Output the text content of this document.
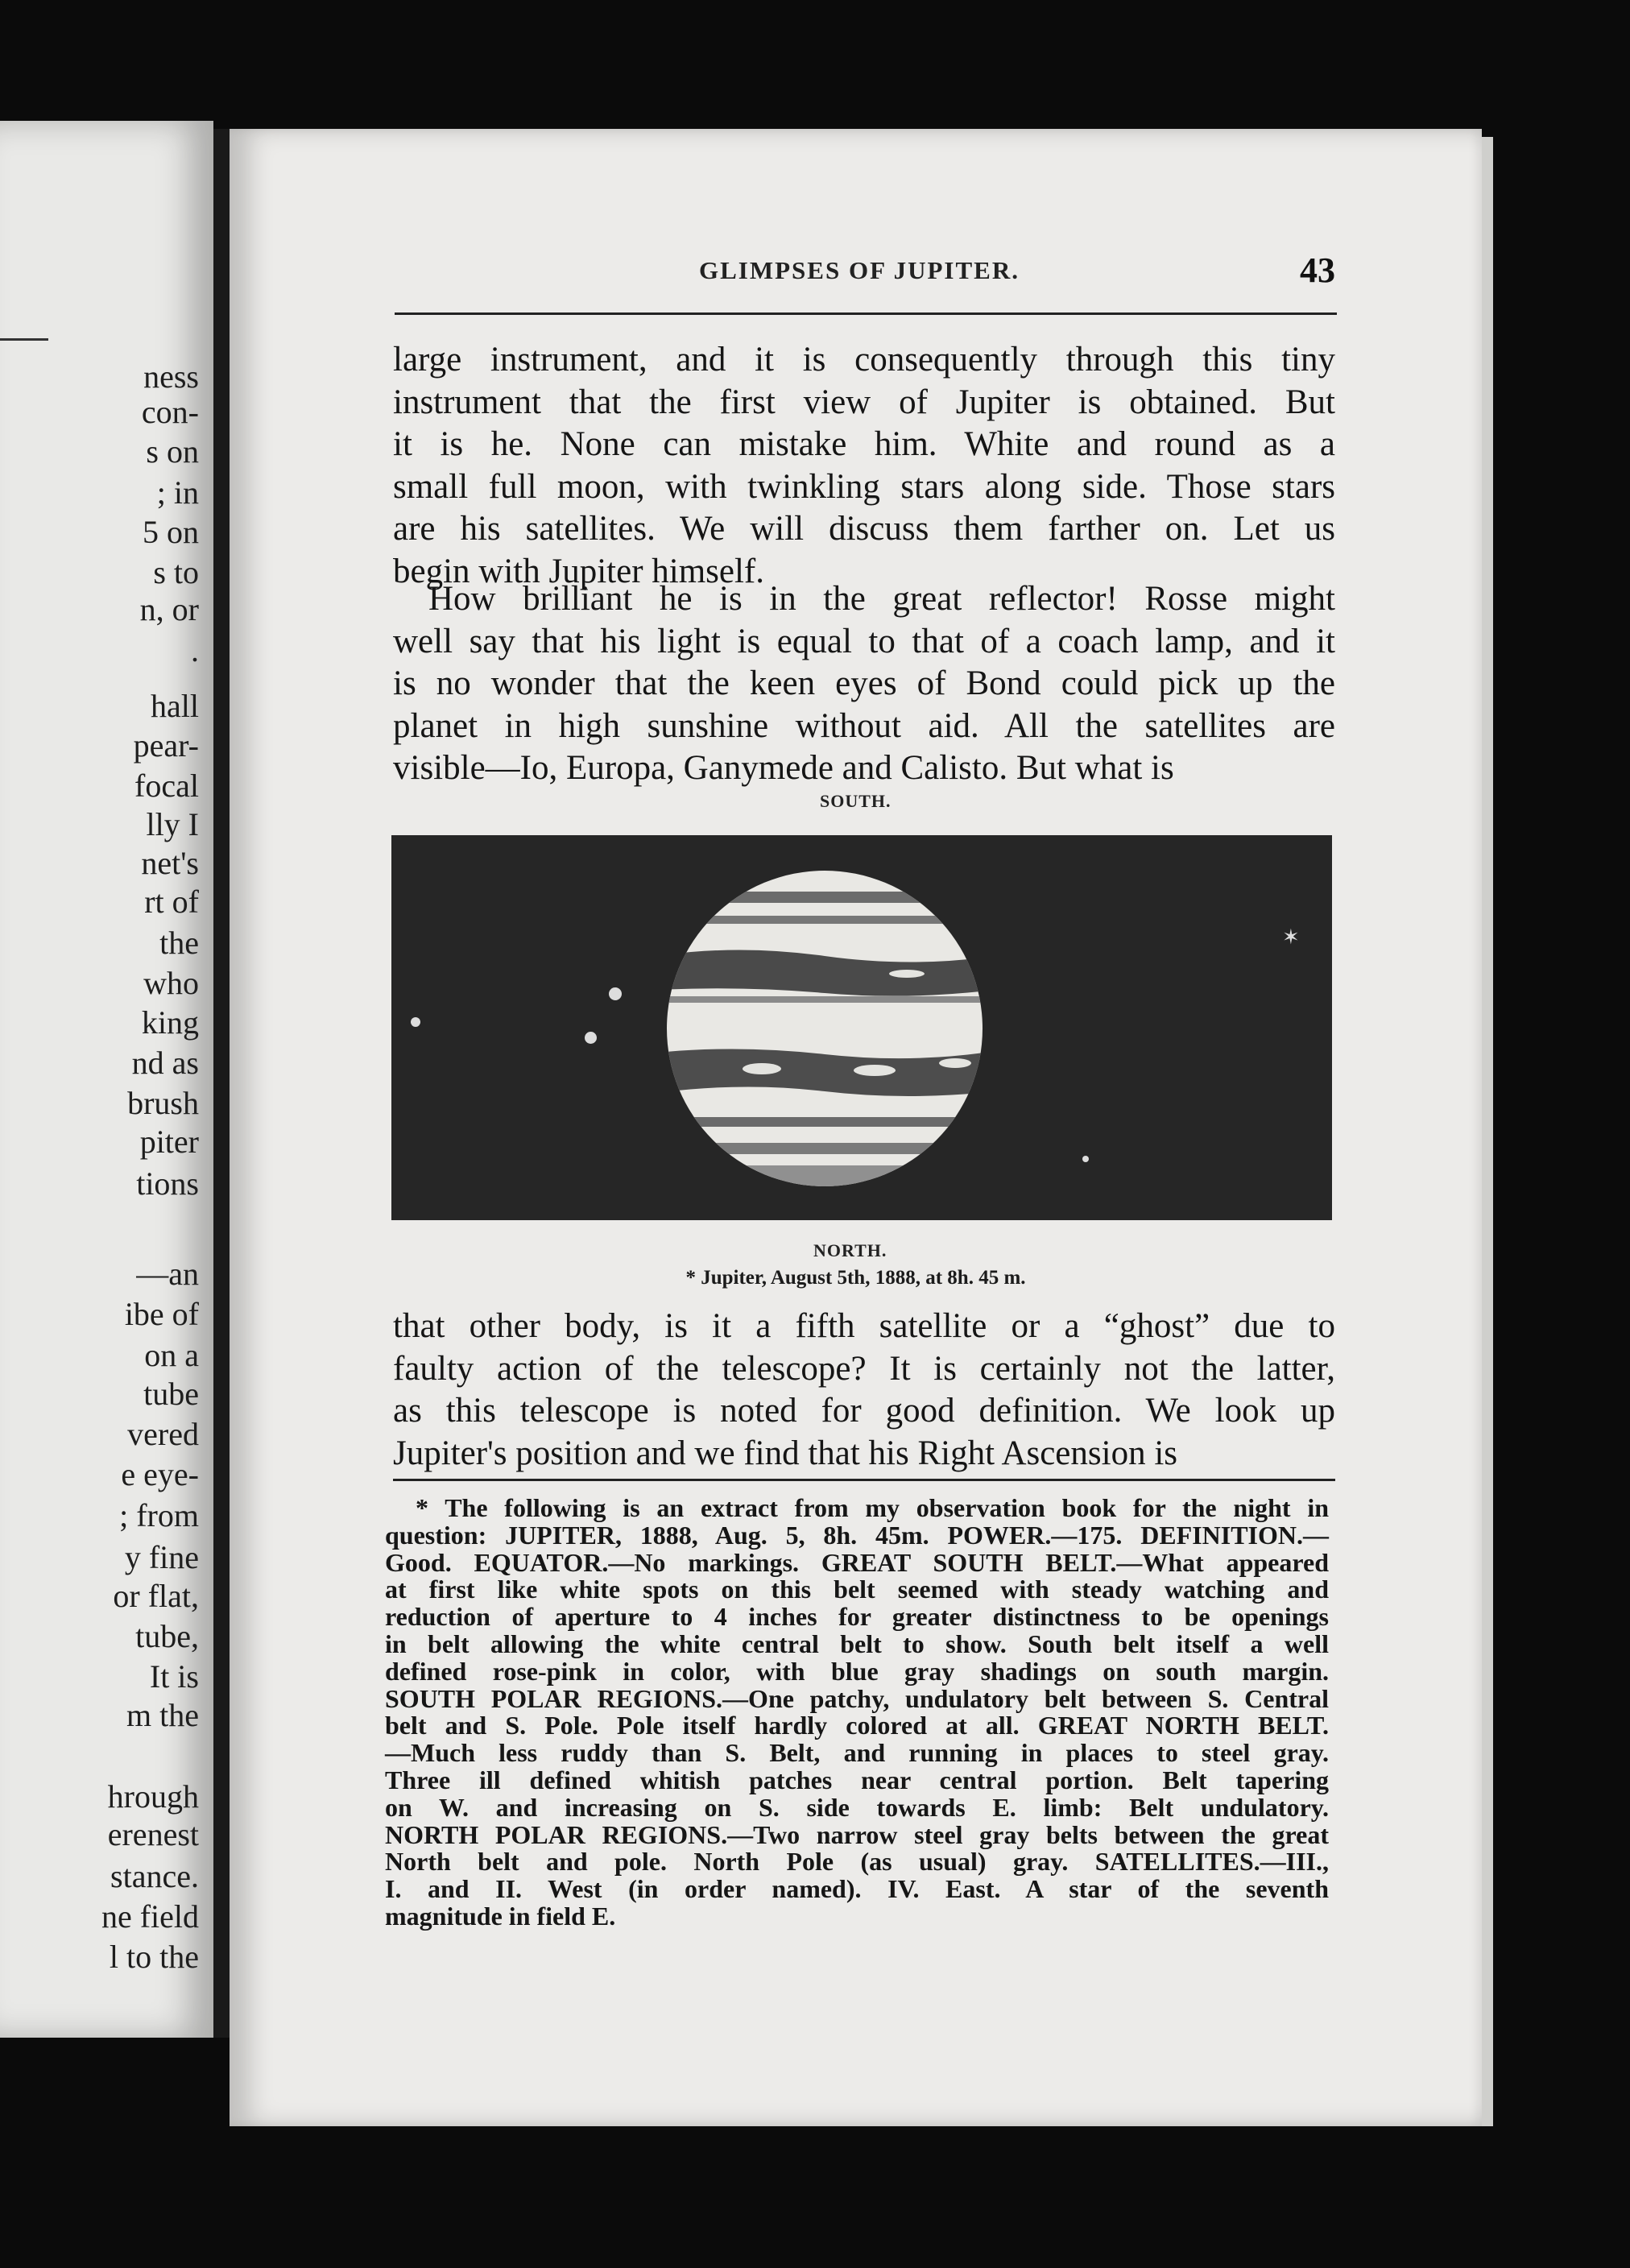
ness
con-
s on
; in
5 on
s to
n, or
.
hall
pear-
focal
lly I
net's
rt of
the
who
king
nd as
brush
piter
tions
—an
ibe of
on a
tube
vered
e eye-
; from
y fine
or flat,
tube,
It is
m the
hrough
erenest
stance.
ne field
l to the
GLIMPSES OF JUPITER.	43
large instrument, and it is consequently through this tiny
instrument that the first view of Jupiter is obtained. But
it is he. None can mistake him. White and round as a
small full moon, with twinkling stars along side. Those stars
are his satellites. We will discuss them farther on. Let us
begin with Jupiter himself.
How brilliant he is in the great reflector! Rosse might
well say that his light is equal to that of a coach lamp, and it
is no wonder that the keen eyes of Bond could pick up the
planet in high sunshine without aid. All the satellites are
visible—Io, Europa, Ganymede and Calisto. But what is
SOUTH.
✶
NORTH.
* Jupiter, August 5th, 1888, at 8h. 45 m.
that other body, is it a fifth satellite or a “ghost” due to
faulty action of the telescope? It is certainly not the latter,
as this telescope is noted for good definition. We look up
Jupiter's position and we find that his Right Ascension is
* The following is an extract from my observation book for the night in
question: JUPITER, 1888, Aug. 5, 8h. 45m. POWER.—175. DEFINITION.—
Good. EQUATOR.—No markings. GREAT SOUTH BELT.—What appeared
at first like white spots on this belt seemed with steady watching and
reduction of aperture to 4 inches for greater distinctness to be openings
in belt allowing the white central belt to show. South belt itself a well
defined rose-pink in color, with blue gray shadings on south margin.
SOUTH POLAR REGIONS.—One patchy, undulatory belt between S. Central
belt and S. Pole. Pole itself hardly colored at all. GREAT NORTH BELT.
—Much less ruddy than S. Belt, and running in places to steel gray.
Three ill defined whitish patches near central portion. Belt tapering
on W. and increasing on S. side towards E. limb: Belt undulatory.
NORTH POLAR REGIONS.—Two narrow steel gray belts between the great
North belt and pole. North Pole (as usual) gray. SATELLITES.—III.,
I. and II. West (in order named). IV. East. A star of the seventh
magnitude in field E.
